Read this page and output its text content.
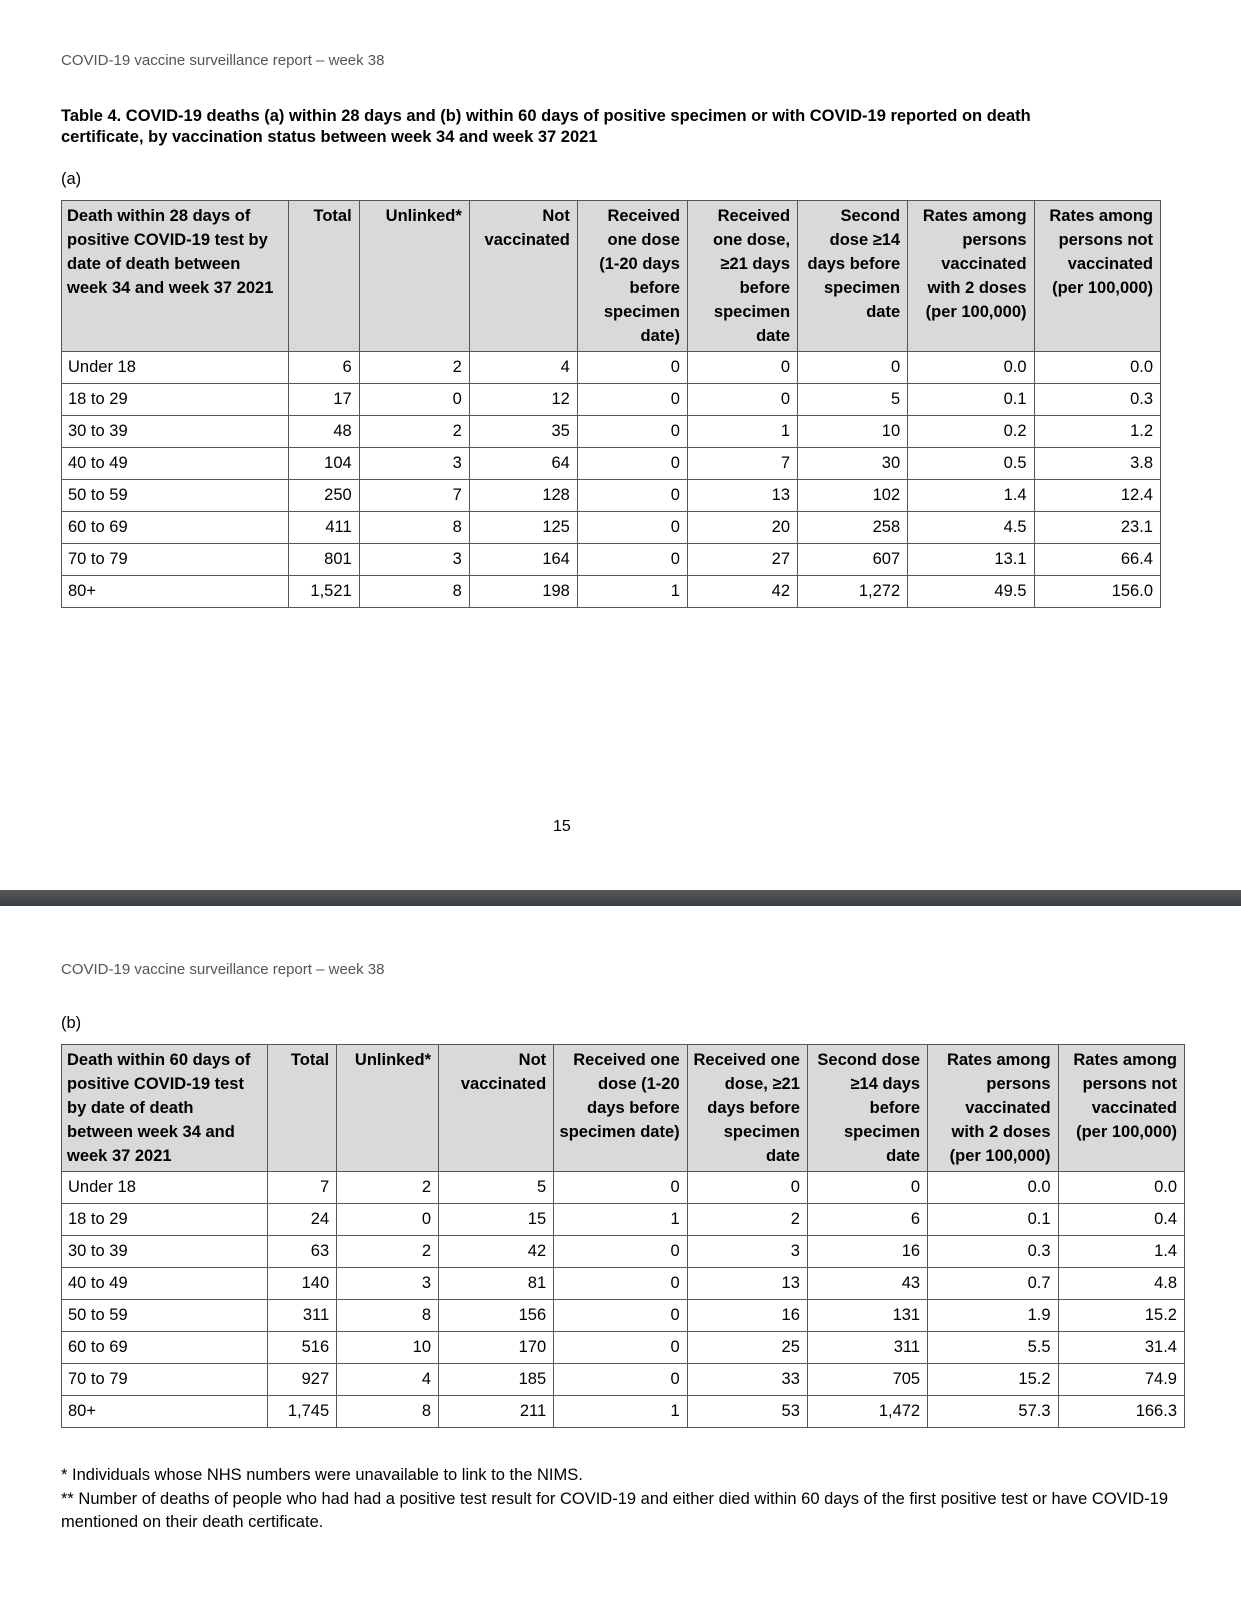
COVID-19 vaccine surveillance report – week 38
Table 4. COVID-19 deaths (a) within 28 days and (b) within 60 days of positive specimen or with COVID-19 reported on death certificate, by vaccination status between week 34 and week 37 2021
(a)
Death within 28 days of positive COVID-19 test by date of death between week 34 and week 37 2021	Total	Unlinked*	Not vaccinated	Received one dose (1-20 days before specimen date)	Received one dose, ≥21 days before specimen date	Second dose ≥14 days before specimen date	Rates among persons vaccinated with 2 doses (per 100,000)	Rates among persons not vaccinated (per 100,000)
Under 18	6	2	4	0	0	0	0.0	0.0
18 to 29	17	0	12	0	0	5	0.1	0.3
30 to 39	48	2	35	0	1	10	0.2	1.2
40 to 49	104	3	64	0	7	30	0.5	3.8
50 to 59	250	7	128	0	13	102	1.4	12.4
60 to 69	411	8	125	0	20	258	4.5	23.1
70 to 79	801	3	164	0	27	607	13.1	66.4
80+	1,521	8	198	1	42	1,272	49.5	156.0
15
COVID-19 vaccine surveillance report – week 38
(b)
Death within 60 days of positive COVID-19 test by date of death between week 34 and week 37 2021	Total	Unlinked*	Not vaccinated	Received one dose (1-20 days before specimen date)	Received one dose, ≥21 days before specimen date	Second dose ≥14 days before specimen date	Rates among persons vaccinated with 2 doses (per 100,000)	Rates among persons not vaccinated (per 100,000)
Under 18	7	2	5	0	0	0	0.0	0.0
18 to 29	24	0	15	1	2	6	0.1	0.4
30 to 39	63	2	42	0	3	16	0.3	1.4
40 to 49	140	3	81	0	13	43	0.7	4.8
50 to 59	311	8	156	0	16	131	1.9	15.2
60 to 69	516	10	170	0	25	311	5.5	31.4
70 to 79	927	4	185	0	33	705	15.2	74.9
80+	1,745	8	211	1	53	1,472	57.3	166.3

* Individuals whose NHS numbers were unavailable to link to the NIMS.

** Number of deaths of people who had had a positive test result for COVID-19 and either died within 60 days of the first positive test or have COVID-19 mentioned on their death certificate.
